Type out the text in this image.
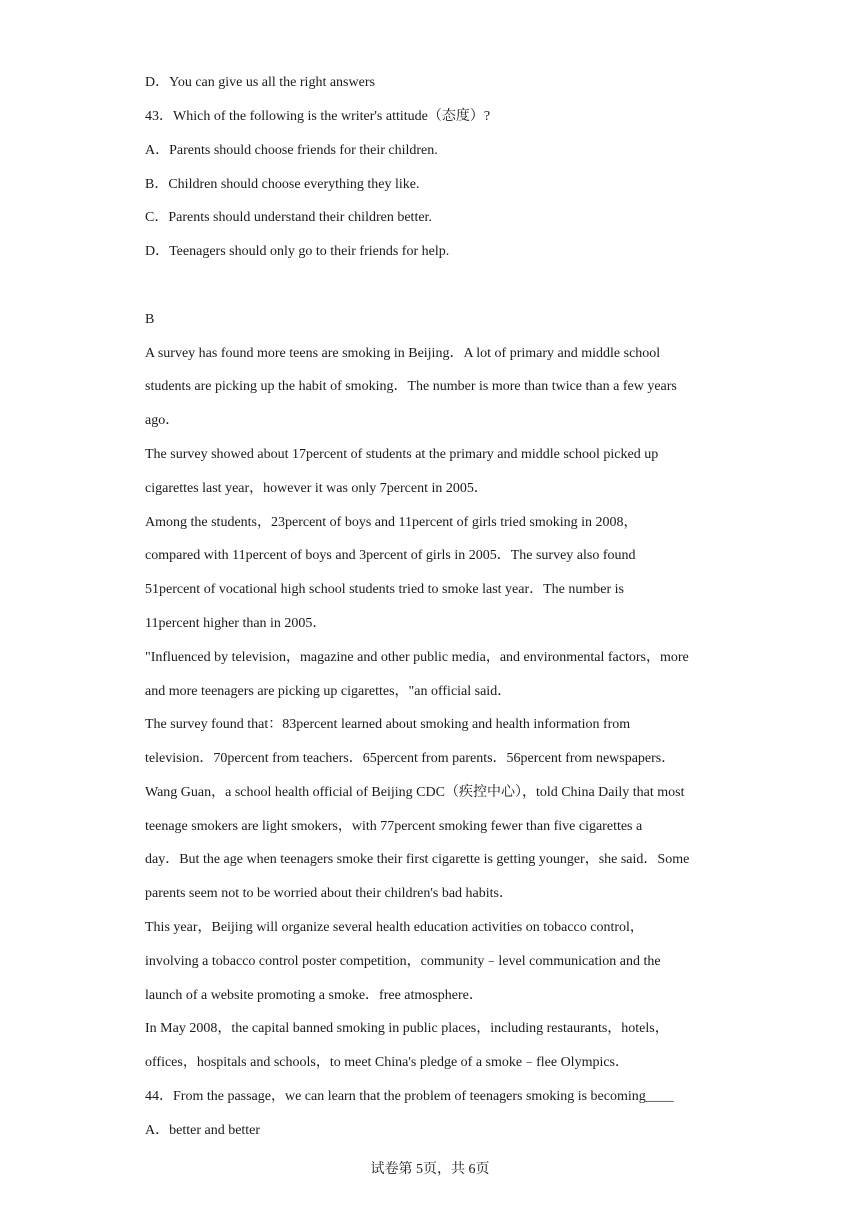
D．You can give us all the right answers
43．Which of the following is the writer's attitude（态度）?
A．Parents should choose friends for their children.
B．Children should choose everything they like.
C．Parents should understand their children better.
D．Teenagers should only go to their friends for help.
B
A survey has found more teens are smoking in Beijing．A lot of primary and middle school
students are picking up the habit of smoking．The number is more than twice than a few years
ago．
The survey showed about 17percent of students at the primary and middle school picked up
cigarettes last year，however it was only 7percent in 2005．
Among the students，23percent of boys and 11percent of girls tried smoking in 2008，
compared with 11percent of boys and 3percent of girls in 2005．The survey also found
51percent of vocational high school students tried to smoke last year．The number is
11percent higher than in 2005．
"Influenced by television，magazine and other public media，and environmental factors，more
and more teenagers are picking up cigarettes，"an official said．
The survey found that：83percent learned about smoking and health information from
television．70percent from teachers．65percent from parents．56percent from newspapers．
Wang Guan，a school health official of Beijing CDC（疾控中心），told China Daily that most
teenage smokers are light smokers，with 77percent smoking fewer than five cigarettes a
day．But the age when teenagers smoke their first cigarette is getting younger，she said．Some
parents seem not to be worried about their children's bad habits．
This year，Beijing will organize several health education activities on tobacco control，
involving a tobacco control poster competition，community﹣level communication and the
launch of a website promoting a smoke．free atmosphere．
In May 2008，the capital banned smoking in public places，including restaurants，hotels，
offices，hospitals and schools，to meet China's pledge of a smoke﹣flee Olympics．
44．From the passage，we can learn that the problem of teenagers smoking is becoming____
A．better and better
试卷第 5页，共 6页
